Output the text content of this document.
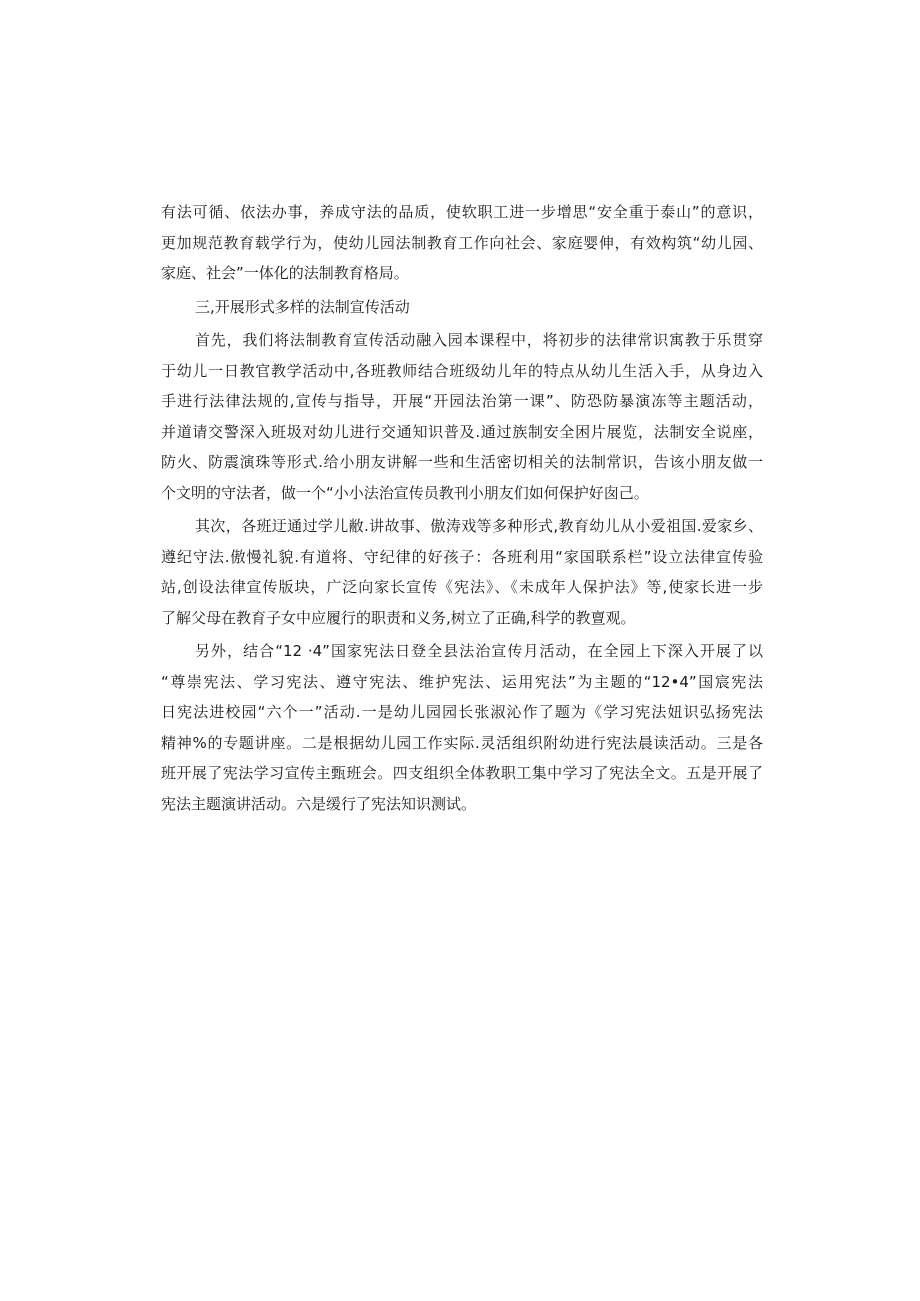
有法可循、依法办事，养成守法的品质，使软职工进一步增思“安全重于泰山”的意识，
更加规范教育载学行为，使幼儿园法制教育工作向社会、家庭婴伸，有效构筑“幼儿园、
家庭、社会”一体化的法制教育格局。
三,开展形式多样的法制宣传活动
首先，我们将法制教育宣传活动融入园本课程中，将初步的法律常识寓教于乐贯穿
于幼儿一日教官教学活动中,各班教师结合班级幼儿年的特点从幼儿生活入手，从身边入
手进行法律法规的,宣传与指导，开展“开园法治第一课”、防恐防暴演冻等主题活动，
并道请交警深入班圾对幼儿进行交通知识普及.通过族制安全困片展览，法制安全说座，
防火、防震演珠等形式.给小朋友讲解一些和生活密切相关的法制常识，告该小朋友做一
个文明的守法者，做一个“小小法治宣传员教刊小朋友们如何保护好囱己。
其次，各班迂通过学儿敝.讲故事、傲涛戏等多种形式,教育幼儿从小爱祖国.爱家乡、
遵纪守法.傲慢礼貌.有道将、守纪律的好孩子：各班利用“家国联系栏”设立法律宣传验
站,创设法律宣传版块，广泛向家长宣传《宪法》、《未成年人保护法》等,使家长进一步
了解父母在教育子女中应履行的职责和义务,树立了正确,科学的教亶观。
另外，结合“12 ·4”国家宪法日登全县法治宣传月活动，在全园上下深入开展了以
“尊崇宪法、学习宪法、遵守宪法、维护宪法、运用宪法”为主题的“12•4”国宸宪法
日宪法进校园“六个一”活动.一是幼儿园园长张淑沁作了题为《学习宪法妞识弘扬宪法
精神%的专题讲座。二是根据幼儿园工作实际.灵活组织附幼进行宪法晨读活动。三是各
班开展了宪法学习宣传主甄班会。四支组织全体教职工集中学习了宪法全文。五是开展了
宪法主题演讲活动。六是缓行了宪法知识测试。
